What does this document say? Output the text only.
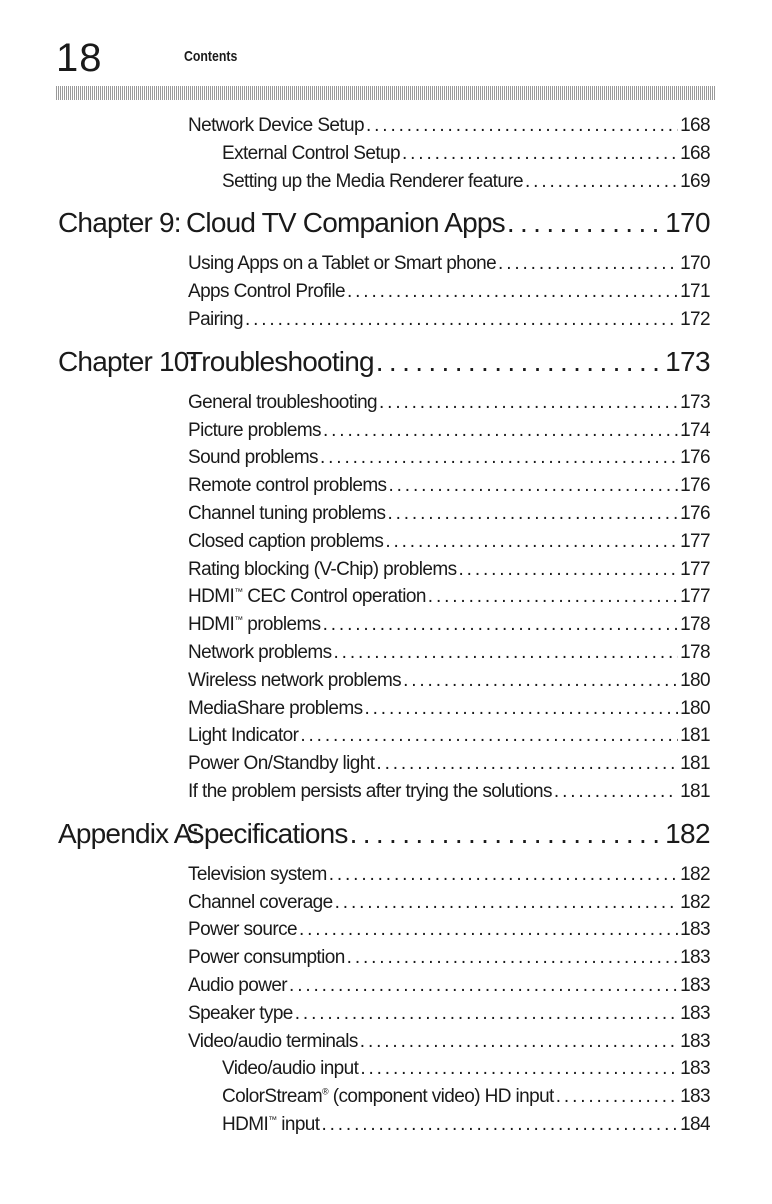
18	Contents
Network Device Setup . . .	168
External Control Setup . . .	168
Setting up the Media Renderer feature . . .	169
Chapter 9: Cloud TV Companion Apps . . .	170
Using Apps on a Tablet or Smart phone . . .	170
Apps Control Profile . . .	171
Pairing . . .	172
Chapter 10:Troubleshooting . . .	173
General troubleshooting . . .	173
Picture problems . . .	174
Sound problems . . .	176
Remote control problems . . .	176
Channel tuning problems . . .	176
Closed caption problems . . .	177
Rating blocking (V-Chip) problems . . .	177
HDMI™ CEC Control operation . . .	177
HDMI™ problems . . .	178
Network problems . . .	178
Wireless network problems . . .	180
MediaShare problems . . .	180
Light Indicator . . .	181
Power On/Standby light . . .	181
If the problem persists after trying the solutions . . .	181
Appendix A:Specifications . . .	182
Television system . . .	182
Channel coverage . . .	182
Power source . . .	183
Power consumption . . .	183
Audio power . . .	183
Speaker type . . .	183
Video/audio terminals . . .	183
Video/audio input . . .	183
ColorStream® (component video) HD input . . .	183
HDMI™ input . . .	184
